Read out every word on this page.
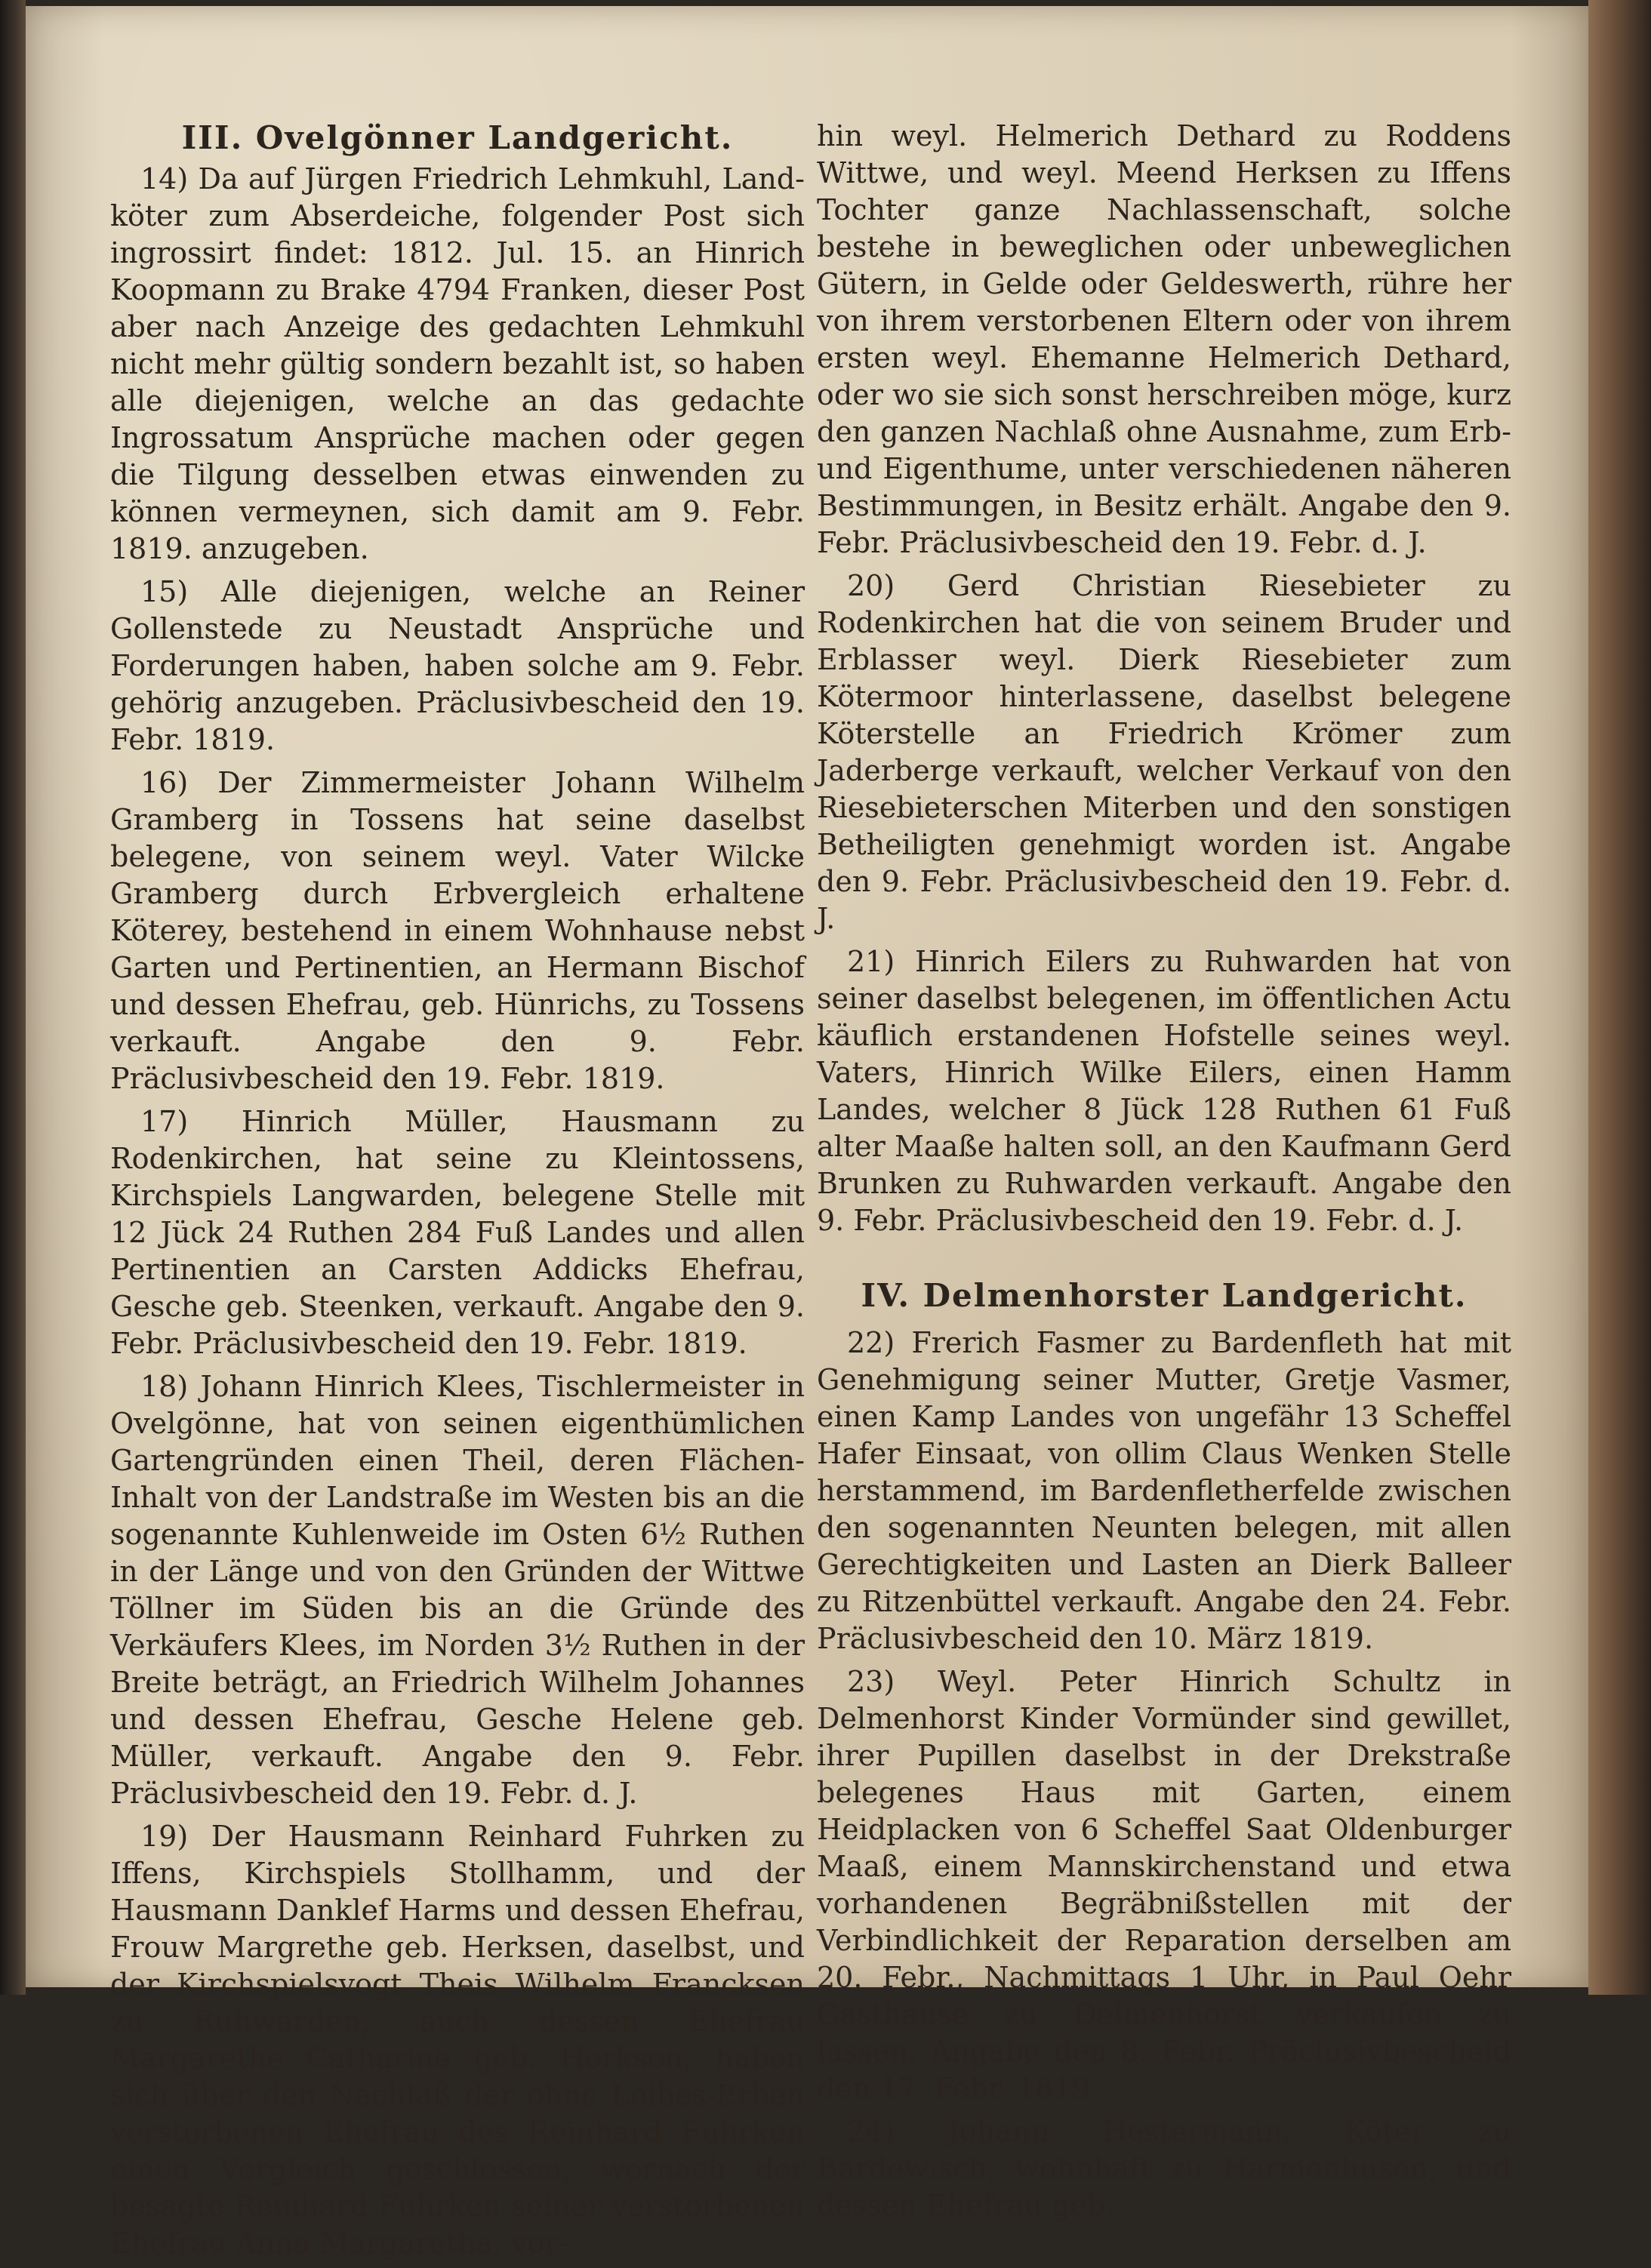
III. Ovelgönner Landgericht.

14) Da auf Jürgen Friedrich Lehmkuhl, Land-köter zum Abserdeiche, folgender Post sich ingrossirt findet: 1812. Jul. 15. an Hinrich Koopmann zu Brake 4794 Franken, dieser Post aber nach Anzeige des gedachten Lehmkuhl nicht mehr gültig sondern bezahlt ist, so haben alle diejenigen, welche an das gedachte Ingrossatum Ansprüche machen oder gegen die Tilgung desselben etwas einwenden zu können vermeynen, sich damit am 9. Febr. 1819. anzugeben.

15) Alle diejenigen, welche an Reiner Gollenstede zu Neustadt Ansprüche und Forderungen haben, haben solche am 9. Febr. gehörig anzugeben. Präclusivbescheid den 19. Febr. 1819.

16) Der Zimmermeister Johann Wilhelm Gramberg in Tossens hat seine daselbst belegene, von seinem weyl. Vater Wilcke Gramberg durch Erbvergleich erhaltene Köterey, bestehend in einem Wohnhause nebst Garten und Pertinentien, an Hermann Bischof und dessen Ehefrau, geb. Hünrichs, zu Tossens verkauft. Angabe den 9. Febr. Präclusivbescheid den 19. Febr. 1819.

17) Hinrich Müller, Hausmann zu Rodenkirchen, hat seine zu Kleintossens, Kirchspiels Langwarden, belegene Stelle mit 12 Jück 24 Ruthen 284 Fuß Landes und allen Pertinentien an Carsten Addicks Ehefrau, Gesche geb. Steenken, verkauft. Angabe den 9. Febr. Präclusivbescheid den 19. Febr. 1819.

18) Johann Hinrich Klees, Tischlermeister in Ovelgönne, hat von seinen eigenthümlichen Gartengründen einen Theil, deren Flächen-Inhalt von der Landstraße im Westen bis an die sogenannte Kuhlenweide im Osten 6½ Ruthen in der Länge und von den Gründen der Wittwe Töllner im Süden bis an die Gründe des Verkäufers Klees, im Norden 3½ Ruthen in der Breite beträgt, an Friedrich Wilhelm Johannes und dessen Ehefrau, Gesche Helene geb. Müller, verkauft. Angabe den 9. Febr. Präclusivbescheid den 19. Febr. d. J.

19) Der Hausmann Reinhard Fuhrken zu Iffens, Kirchspiels Stollhamm, und der Hausmann Danklef Harms und dessen Ehefrau, Frouw Margrethe geb. Herksen, daselbst, und der Kirchspielsvogt Theis Wilhelm Francksen zu Ruhwarden, auch dessen Ehefrau Margarethe Catharine geb. Herksen, haben sich über den Nachlaß der ohne Leibes-Erben verstorbenen Ehefrau des Reinhard Fuhrken einen Vergleich geschlossen, wornach der besagte Reinhard Fuhrken seiner verstorbenen Ehefrau Anna Margaretha, vor-

hin weyl. Helmerich Dethard zu Roddens Wittwe, und weyl. Meend Herksen zu Iffens Tochter ganze Nachlassenschaft, solche bestehe in beweglichen oder unbeweglichen Gütern, in Gelde oder Geldeswerth, rühre her von ihrem verstorbenen Eltern oder von ihrem ersten weyl. Ehemanne Helmerich Dethard, oder wo sie sich sonst herschreiben möge, kurz den ganzen Nachlaß ohne Ausnahme, zum Erb- und Eigenthume, unter verschiedenen näheren Bestimmungen, in Besitz erhält. Angabe den 9. Febr. Präclusivbescheid den 19. Febr. d. J.

20) Gerd Christian Riesebieter zu Rodenkirchen hat die von seinem Bruder und Erblasser weyl. Dierk Riesebieter zum Kötermoor hinterlassene, daselbst belegene Köterstelle an Friedrich Krömer zum Jaderberge verkauft, welcher Verkauf von den Riesebieterschen Miterben und den sonstigen Betheiligten genehmigt worden ist. Angabe den 9. Febr. Präclusivbescheid den 19. Febr. d. J.

21) Hinrich Eilers zu Ruhwarden hat von seiner daselbst belegenen, im öffentlichen Actu käuflich erstandenen Hofstelle seines weyl. Vaters, Hinrich Wilke Eilers, einen Hamm Landes, welcher 8 Jück 128 Ruthen 61 Fuß alter Maaße halten soll, an den Kaufmann Gerd Brunken zu Ruhwarden verkauft. Angabe den 9. Febr. Präclusivbescheid den 19. Febr. d. J.

IV. Delmenhorster Landgericht.

22) Frerich Fasmer zu Bardenfleth hat mit Genehmigung seiner Mutter, Gretje Vasmer, einen Kamp Landes von ungefähr 13 Scheffel Hafer Einsaat, von ollim Claus Wenken Stelle herstammend, im Bardenfletherfelde zwischen den sogenannten Neunten belegen, mit allen Gerechtigkeiten und Lasten an Dierk Balleer zu Ritzenbüttel verkauft. Angabe den 24. Febr. Präclusivbescheid den 10. März 1819.

23) Weyl. Peter Hinrich Schultz in Delmenhorst Kinder Vormünder sind gewillet, ihrer Pupillen daselbst in der Drekstraße belegenes Haus mit Garten, einem Heidplacken von 6 Scheffel Saat Oldenburger Maaß, einem Mannskirchenstand und etwa vorhandenen Begräbnißstellen mit der Verbindlichkeit der Reparation derselben am 20. Febr., Nachmittags 1 Uhr, in Paul Oehr Gasthause zu Delmenhorst verkaufen zu lassen. Angabe den 8. Febr. Präclusivbescheid den 17. Febr. 1819.

24) Johann Hestermann, Köter zu Bardewisch, wohnhaft zu Harmenhusen, und dessen Ehefrau geb.
